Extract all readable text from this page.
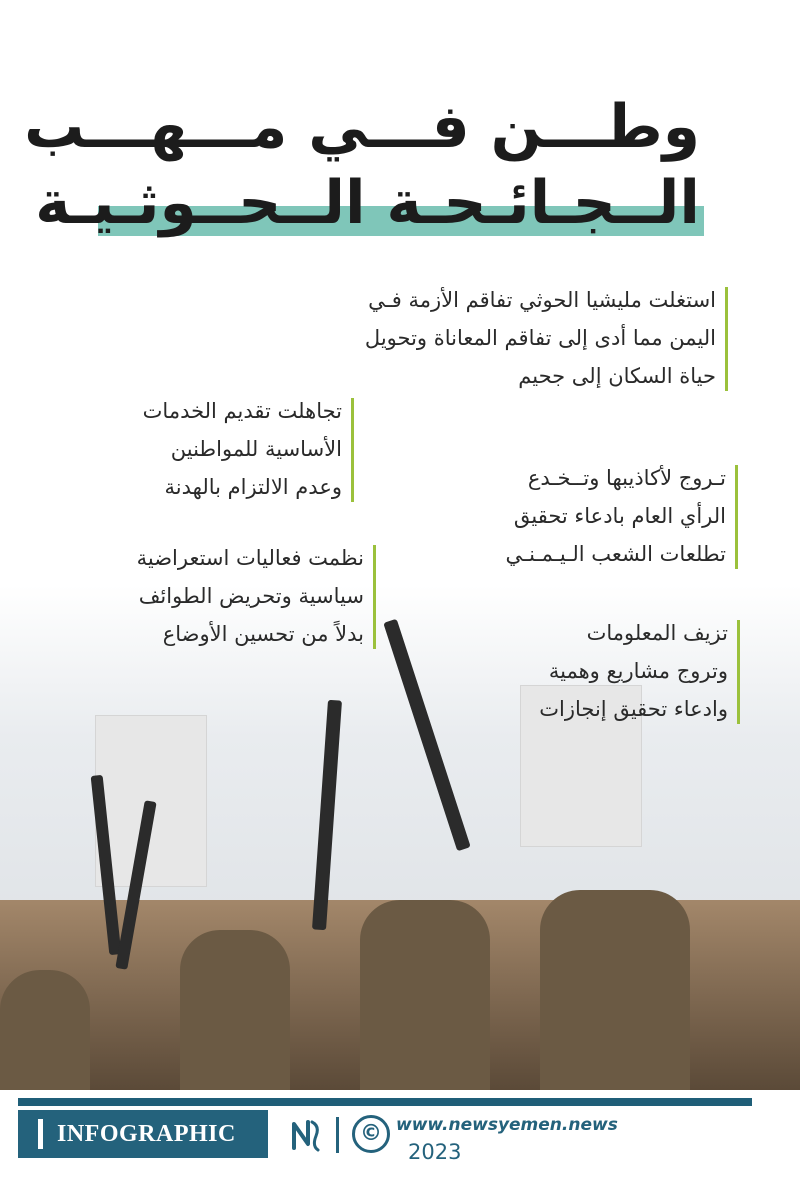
وطـــن فـــي مـــهـــب
الــجـائـحـة الــحــوثـيـة
استغلت مليشيا الحوثي تفاقم الأزمة فـي
اليمن مما أدى إلى تفاقم المعاناة وتحويل
حياة السكان إلى جحيم
تجاهلت تقديم الخدمات
الأساسية للمواطنين
وعدم الالتزام بالهدنة	تـروج لأكاذيبها وتــخـدع
الرأي العام بادعاء تحقيق
تطلعات الشعب الـيـمـنـي
نظمت فعاليات استعراضية
سياسية وتحريض الطوائف
بدلاً من تحسين الأوضاع	تزيف المعلومات
وتروج مشاريع وهمية
وادعاء تحقيق إنجازات
INFOGRAPHIC	© www.newsyemen.news
2023
